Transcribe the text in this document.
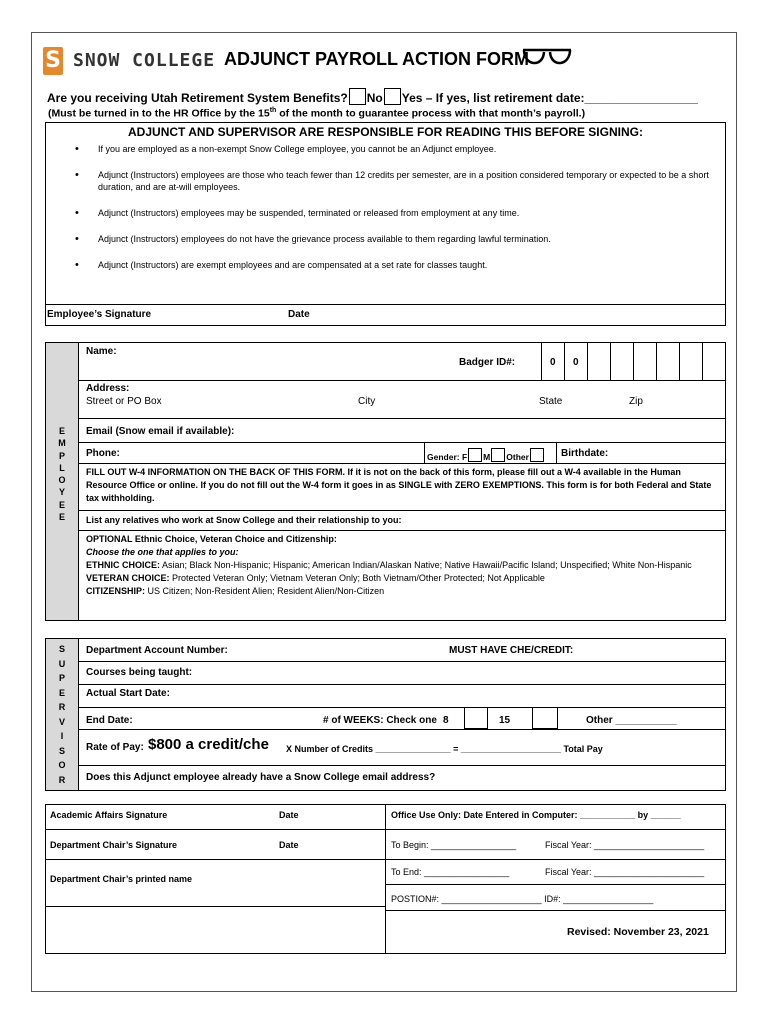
S SNOW COLLEGE ADJUNCT PAYROLL ACTION FORM
Are you receiving Utah Retirement System Benefits? No Yes – If yes, list retirement date:_________________
(Must be turned in to the HR Office by the 15th of the month to guarantee process with that month’s payroll.)
ADJUNCT AND SUPERVISOR ARE RESPONSIBLE FOR READING THIS BEFORE SIGNING:
• If you are employed as a non-exempt Snow College employee, you cannot be an Adjunct employee.
• Adjunct (Instructors) employees are those who teach fewer than 12 credits per semester, are in a position considered temporary or expected to be a short duration, and are at-will employees.
• Adjunct (Instructors) employees may be suspended, terminated or released from employment at any time.
• Adjunct (Instructors) employees do not have the grievance process available to them regarding lawful termination.
• Adjunct (Instructors) are exempt employees and are compensated at a set rate for classes taught.
Employee’s Signature	Date
E
M
P
L
O
Y
E
E
Name:
Badger ID#:	0 0
Address:
Street or PO Box	City	State	Zip
Email (Snow email if available):
Phone:	Gender: F M Other	Birthdate:
FILL OUT W-4 INFORMATION ON THE BACK OF THIS FORM. If it is not on the back of this form, please fill out a W-4 available in the Human Resource Office or online. If you do not fill out the W-4 form it goes in as SINGLE with ZERO EXEMPTIONS. This form is for both Federal and State tax withholding.
List any relatives who work at Snow College and their relationship to you:
OPTIONAL Ethnic Choice, Veteran Choice and Citizenship:
Choose the one that applies to you:
ETHNIC CHOICE: Asian; Black Non-Hispanic; Hispanic; American Indian/Alaskan Native; Native Hawaii/Pacific Island; Unspecified; White Non-Hispanic
VETERAN CHOICE: Protected Veteran Only; Vietnam Veteran Only; Both Vietnam/Other Protected; Not Applicable
CITIZENSHIP: US Citizen; Non-Resident Alien; Resident Alien/Non-Citizen
S
U
P
E
R
V
I
S
O
R
Department Account Number:	MUST HAVE CHE/CREDIT:
Courses being taught:
Actual Start Date:
End Date:	# of WEEKS: Check one 8	15	Other ___________
Rate of Pay: $800 a credit/che X Number of Credits _______________ = ____________________ Total Pay
Does this Adjunct employee already have a Snow College email address?
Academic Affairs Signature	Date
Department Chair’s Signature	Date
Department Chair’s printed name
Office Use Only: Date Entered in Computer: ___________ by ______
To Begin: _________________	Fiscal Year: ______________________
To End: _________________	Fiscal Year: ______________________
POSTION#: ____________________ ID#: __________________
Revised: November 23, 2021
